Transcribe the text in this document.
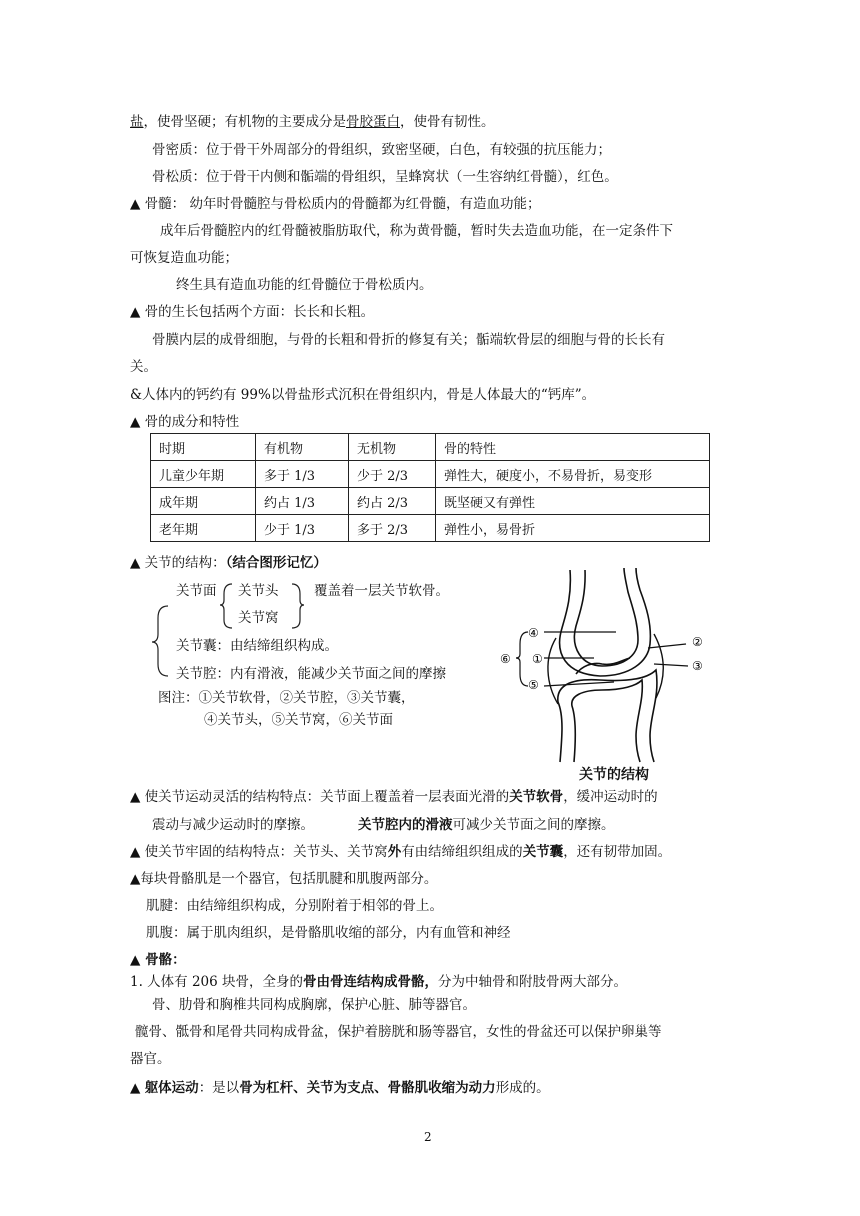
盐，使骨坚硬；有机物的主要成分是骨胶蛋白，使骨有韧性。
骨密质：位于骨干外周部分的骨组织，致密坚硬，白色，有较强的抗压能力；
骨松质：位于骨干内侧和骺端的骨组织，呈蜂窝状（一生容纳红骨髓），红色。
▲ 骨髓： 幼年时骨髓腔与骨松质内的骨髓都为红骨髓，有造血功能；
成年后骨髓腔内的红骨髓被脂肪取代，称为黄骨髓，暂时失去造血功能，在一定条件下
可恢复造血功能；
终生具有造血功能的红骨髓位于骨松质内。
▲ 骨的生长包括两个方面：长长和长粗。
骨膜内层的成骨细胞，与骨的长粗和骨折的修复有关；骺端软骨层的细胞与骨的长长有
关。
&人体内的钙约有 99%以骨盐形式沉积在骨组织内，骨是人体最大的“钙库”。
▲ 骨的成分和特性
时期	有机物	无机物	骨的特性
儿童少年期	多于 1/3	少于 2/3	弹性大，硬度小，不易骨折，易变形
成年期	约占 1/3	约占 2/3	既坚硬又有弹性
老年期	少于 1/3	多于 2/3	弹性小，易骨折
▲ 关节的结构：（结合图形记忆）
关节面 关节头
关节窝
覆盖着一层关节软骨。
关节囊：由结缔组织构成。
关节腔：内有滑液，能减少关节面之间的摩擦
图注：①关节软骨，②关节腔，③关节囊，
④关节头，⑤关节窝，⑥关节面
④
①
⑤
⑥
②
③
关节的结构
▲ 使关节运动灵活的结构特点：关节面上覆盖着一层表面光滑的关节软骨，缓冲运动时的
震动与减少运动时的摩擦。	关节腔内的滑液可减少关节面之间的摩擦。
▲ 使关节牢固的结构特点：关节头、关节窝外有由结缔组织组成的关节囊，还有韧带加固。
▲每块骨骼肌是一个器官，包括肌腱和肌腹两部分。
肌腱：由结缔组织构成，分别附着于相邻的骨上。
肌腹：属于肌肉组织，是骨骼肌收缩的部分，内有血管和神经
▲ 骨骼：
1. 人体有 206 块骨，全身的骨由骨连结构成骨骼，分为中轴骨和附肢骨两大部分。
骨、肋骨和胸椎共同构成胸廓，保护心脏、肺等器官。
髋骨、骶骨和尾骨共同构成骨盆，保护着膀胱和肠等器官，女性的骨盆还可以保护卵巢等
器官。
▲ 躯体运动：是以骨为杠杆、关节为支点、骨骼肌收缩为动力形成的。
2
